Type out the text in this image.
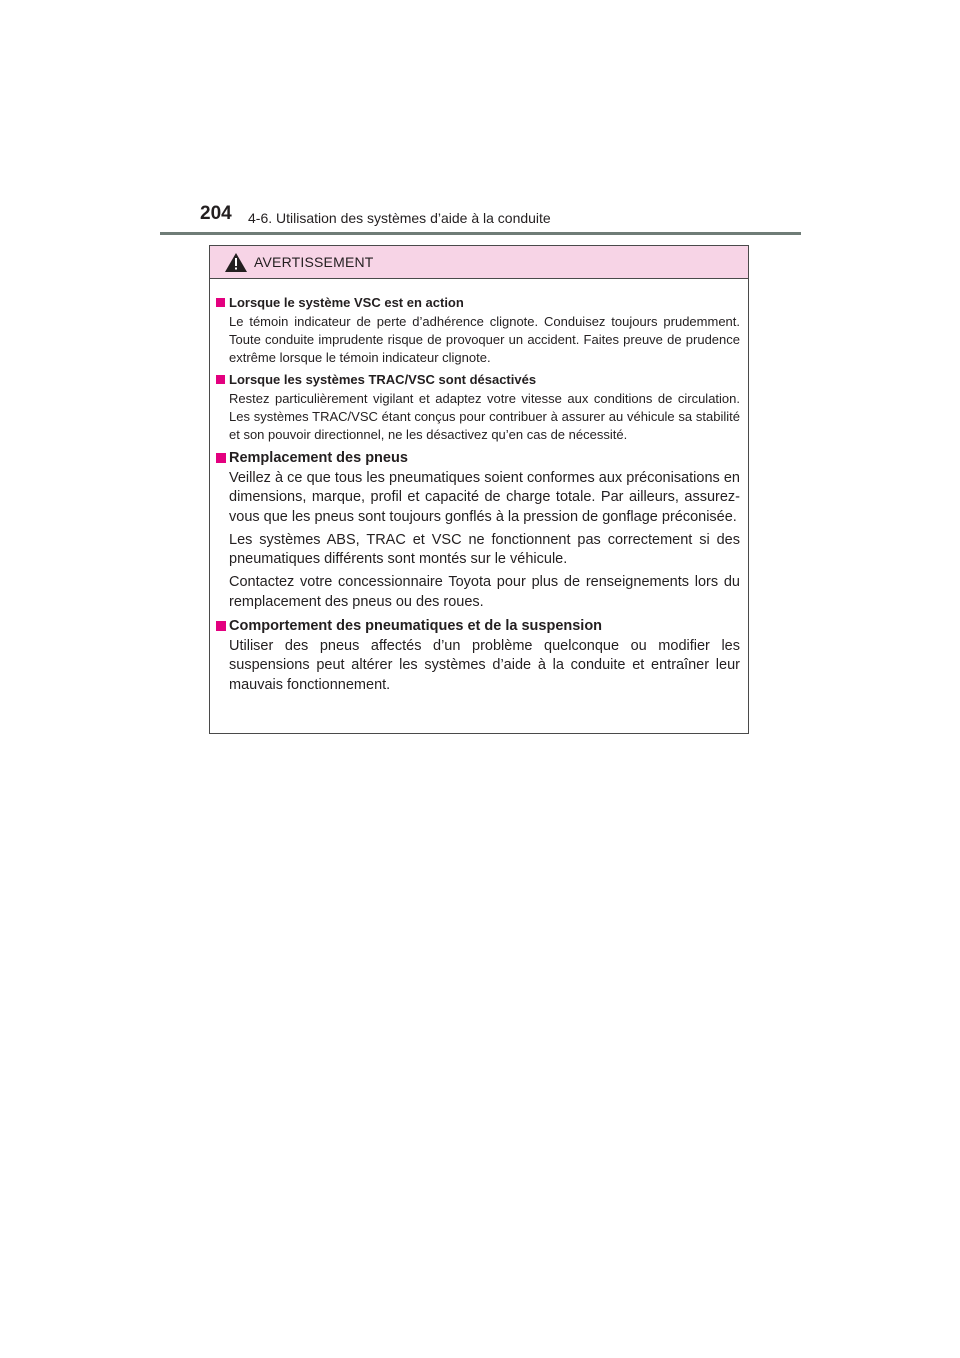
204 4-6. Utilisation des systèmes d’aide à la conduite
AVERTISSEMENT
Lorsque le système VSC est en action

Le témoin indicateur de perte d’adhérence clignote. Conduisez toujours prudemment. Toute conduite imprudente risque de provoquer un accident. Faites preuve de prudence extrême lorsque le témoin indicateur clignote.

Lorsque les systèmes TRAC/VSC sont désactivés

Restez particulièrement vigilant et adaptez votre vitesse aux conditions de circulation. Les systèmes TRAC/VSC étant conçus pour contribuer à assurer au véhicule sa stabilité et son pouvoir directionnel, ne les désactivez qu’en cas de nécessité.

Remplacement des pneus

Veillez à ce que tous les pneumatiques soient conformes aux préconisations en dimensions, marque, profil et capacité de charge totale. Par ailleurs, assurez-vous que les pneus sont toujours gonflés à la pression de gonflage préconisée.

Les systèmes ABS, TRAC et VSC ne fonctionnent pas correctement si des pneumatiques différents sont montés sur le véhicule.

Contactez votre concessionnaire Toyota pour plus de renseignements lors du remplacement des pneus ou des roues.

Comportement des pneumatiques et de la suspension

Utiliser des pneus affectés d’un problème quelconque ou modifier les suspensions peut altérer les systèmes d’aide à la conduite et entraîner leur mauvais fonctionnement.
